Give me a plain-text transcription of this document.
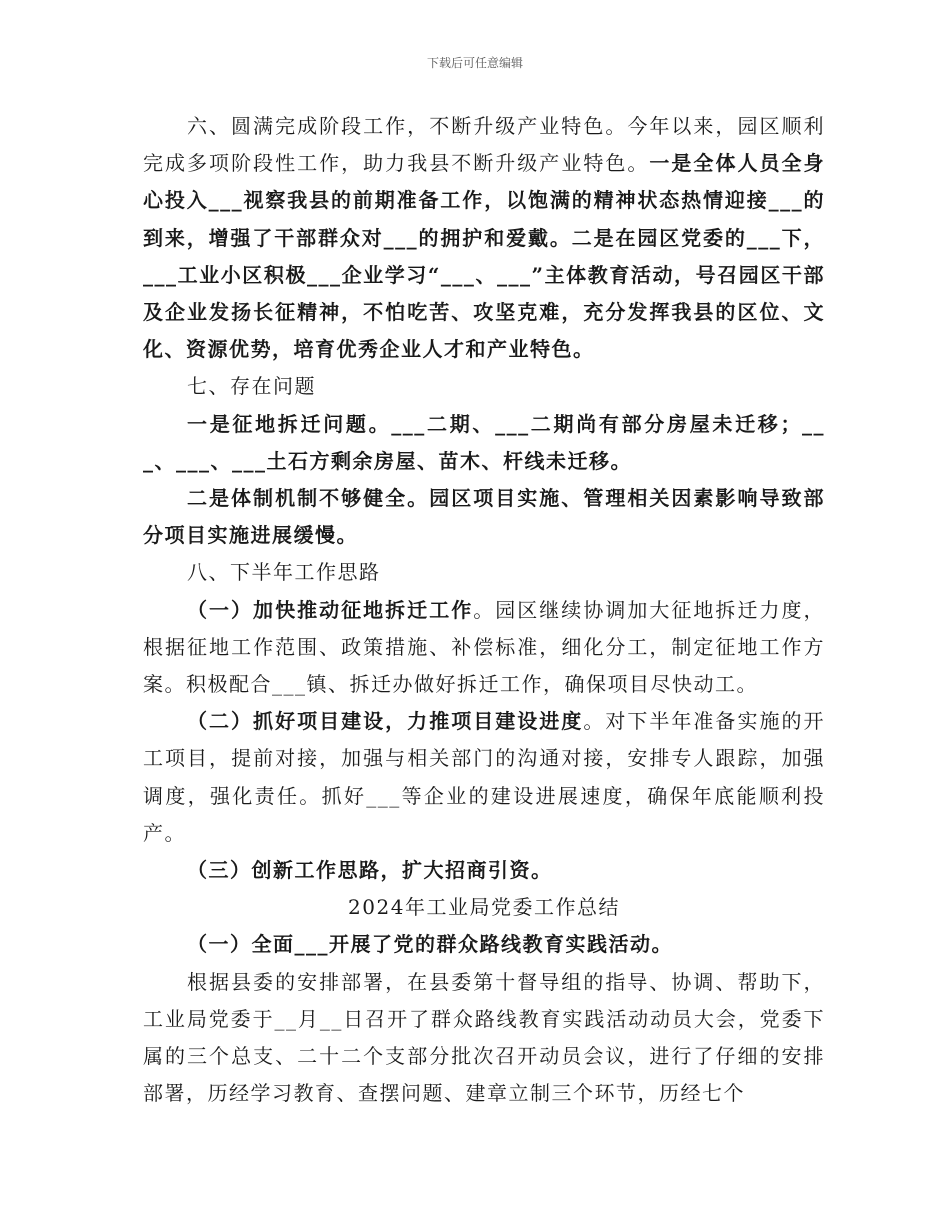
下载后可任意编辑

六、圆满完成阶段工作，不断升级产业特色。今年以来，园区顺利完成多项阶段性工作，助力我县不断升级产业特色。一是全体人员全身心投入___视察我县的前期准备工作，以饱满的精神状态热情迎接___的到来，增强了干部群众对___的拥护和爱戴。二是在园区党委的___下，___工业小区积极___企业学习“___、___”主体教育活动，号召园区干部及企业发扬长征精神，不怕吃苦、攻坚克难，充分发挥我县的区位、文化、资源优势，培育优秀企业人才和产业特色。

七、存在问题

一是征地拆迁问题。___二期、___二期尚有部分房屋未迁移；___、___、___土石方剩余房屋、苗木、杆线未迁移。

二是体制机制不够健全。园区项目实施、管理相关因素影响导致部分项目实施进展缓慢。

八、下半年工作思路

（一）加快推动征地拆迁工作。园区继续协调加大征地拆迁力度，根据征地工作范围、政策措施、补偿标准，细化分工，制定征地工作方案。积极配合___镇、拆迁办做好拆迁工作，确保项目尽快动工。

（二）抓好项目建设，力推项目建设进度。对下半年准备实施的开工项目，提前对接，加强与相关部门的沟通对接，安排专人跟踪，加强调度，强化责任。抓好___等企业的建设进展速度，确保年底能顺利投产。

（三）创新工作思路，扩大招商引资。

2024年工业局党委工作总结

（一）全面___开展了党的群众路线教育实践活动。

根据县委的安排部署，在县委第十督导组的指导、协调、帮助下，工业局党委于__月__日召开了群众路线教育实践活动动员大会，党委下属的三个总支、二十二个支部分批次召开动员会议，进行了仔细的安排部署，历经学习教育、查摆问题、建章立制三个环节，历经七个
